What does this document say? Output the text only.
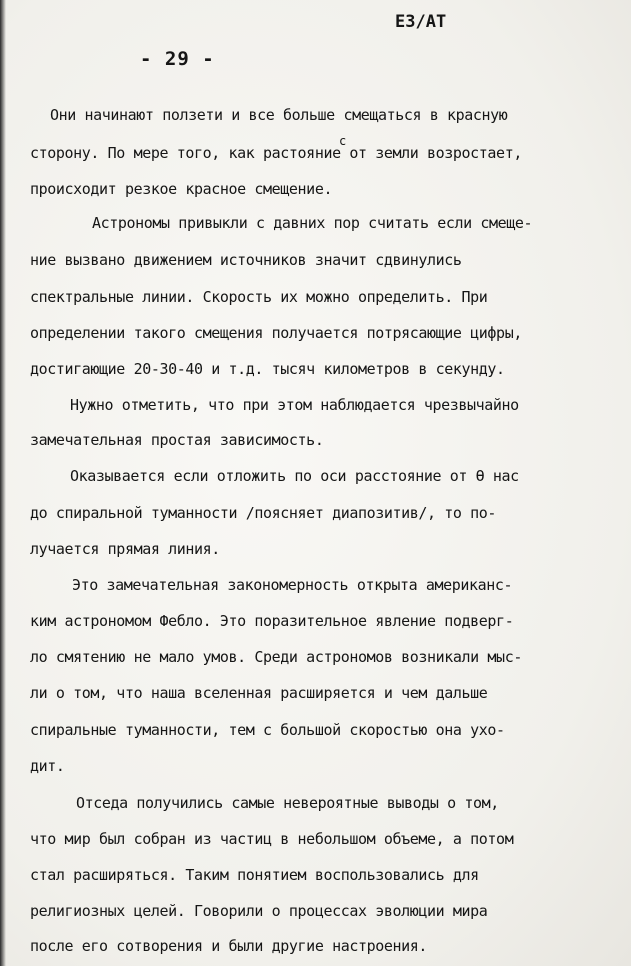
ЕЗ/АТ
- 29 -
с
Они начинают ползети и все больше смещаться в красную
сторону. По мере того, как растояние от земли возростает,
происходит резкое красное смещение.
Астрономы привыкли с давних пор считать если смеще-
ние вызвано движением источников значит сдвинулись
спектральные линии. Скорость их можно определить. При
определении такого смещения получается потрясающие цифры,
достигающие 20-30-40 и т.д. тысяч километров в секунду.
Нужно отметить, что при этом наблюдается чрезвычайно
замечательная простая зависимость.
Оказывается если отложить по оси расстояние от Ѳ нас
до спиральной туманности /поясняет диапозитив/, то по-
лучается прямая линия.
Это замечательная закономерность открыта американс-
ким астрономом Фебло. Это поразительное явление подверг-
ло смятению не мало умов. Среди астрономов возникали мыс-
ли о том, что наша вселенная расширяется и чем дальше
спиральные туманности, тем с большой скоростью она ухо-
дит.
Отседа получились самые невероятные выводы о том,
что мир был собран из частиц в небольшом объеме, а потом
стал расширяться. Таким понятием воспользовались для
религиозных целей. Говорили о процессах эволюции мира
после его сотворения и были другие настроения.
